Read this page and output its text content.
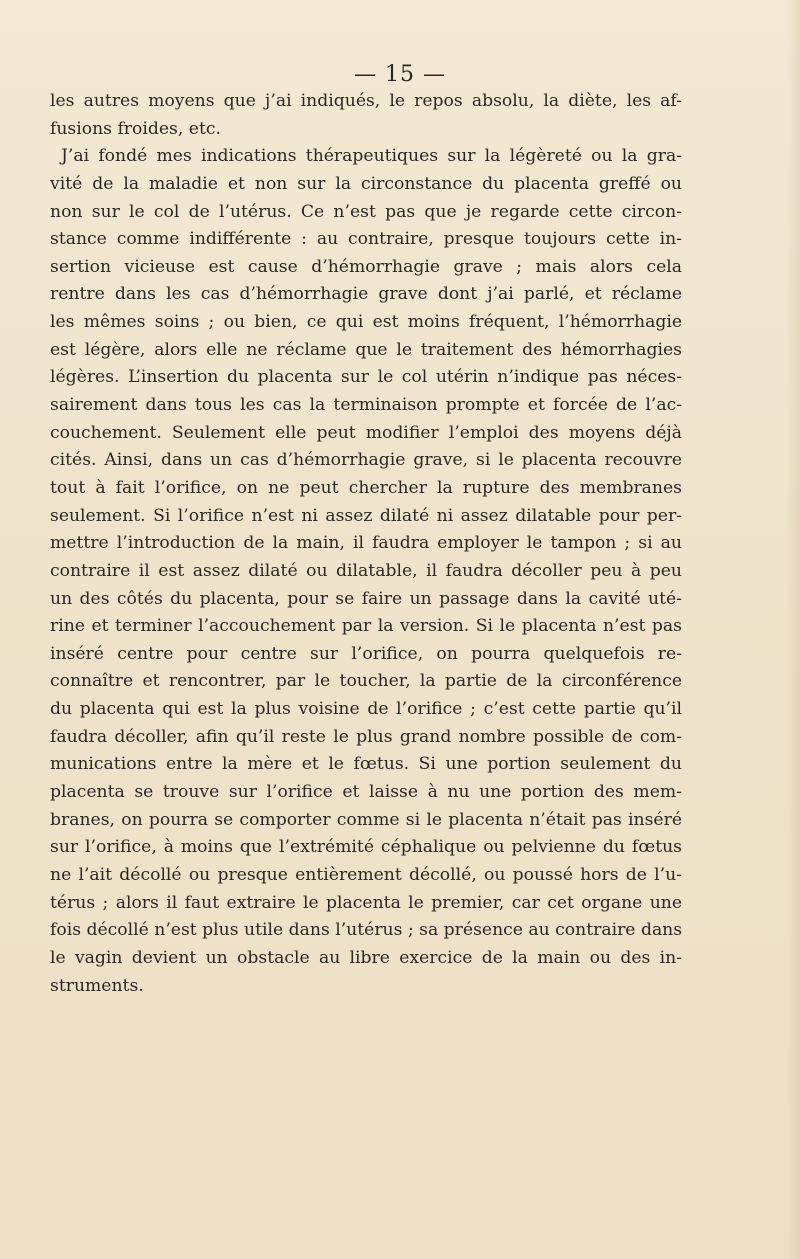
— 15 —
les autres moyens que j’ai indiqués, le repos absolu, la diète, les af-
fusions froides, etc.
J’ai fondé mes indications thérapeutiques sur la légèreté ou la gra-
vité de la maladie et non sur la circonstance du placenta greffé ou
non sur le col de l’utérus. Ce n’est pas que je regarde cette circon-
stance comme indifférente : au contraire, presque toujours cette in-
sertion vicieuse est cause d’hémorrhagie grave ; mais alors cela
rentre dans les cas d’hémorrhagie grave dont j’ai parlé, et réclame
les mêmes soins ; ou bien, ce qui est moins fréquent, l’hémorrhagie
est légère, alors elle ne réclame que le traitement des hémorrhagies
légères. L’insertion du placenta sur le col utérin n’indique pas néces-
sairement dans tous les cas la terminaison prompte et forcée de l’ac-
couchement. Seulement elle peut modifier l’emploi des moyens déjà
cités. Ainsi, dans un cas d’hémorrhagie grave, si le placenta recouvre
tout à fait l’orifice, on ne peut chercher la rupture des membranes
seulement. Si l’orifice n’est ni assez dilaté ni assez dilatable pour per-
mettre l’introduction de la main, il faudra employer le tampon ; si au
contraire il est assez dilaté ou dilatable, il faudra décoller peu à peu
un des côtés du placenta, pour se faire un passage dans la cavité uté-
rine et terminer l’accouchement par la version. Si le placenta n’est pas
inséré centre pour centre sur l’orifice, on pourra quelquefois re-
connaître et rencontrer, par le toucher, la partie de la circonférence
du placenta qui est la plus voisine de l’orifice ; c’est cette partie qu’il
faudra décoller, afin qu’il reste le plus grand nombre possible de com-
munications entre la mère et le fœtus. Si une portion seulement du
placenta se trouve sur l’orifice et laisse à nu une portion des mem-
branes, on pourra se comporter comme si le placenta n’était pas inséré
sur l’orifice, à moins que l’extrémité céphalique ou pelvienne du fœtus
ne l’ait décollé ou presque entièrement décollé, ou poussé hors de l’u-
térus ; alors il faut extraire le placenta le premier, car cet organe une
fois décollé n’est plus utile dans l’utérus ; sa présence au contraire dans
le vagin devient un obstacle au libre exercice de la main ou des in-
struments.
